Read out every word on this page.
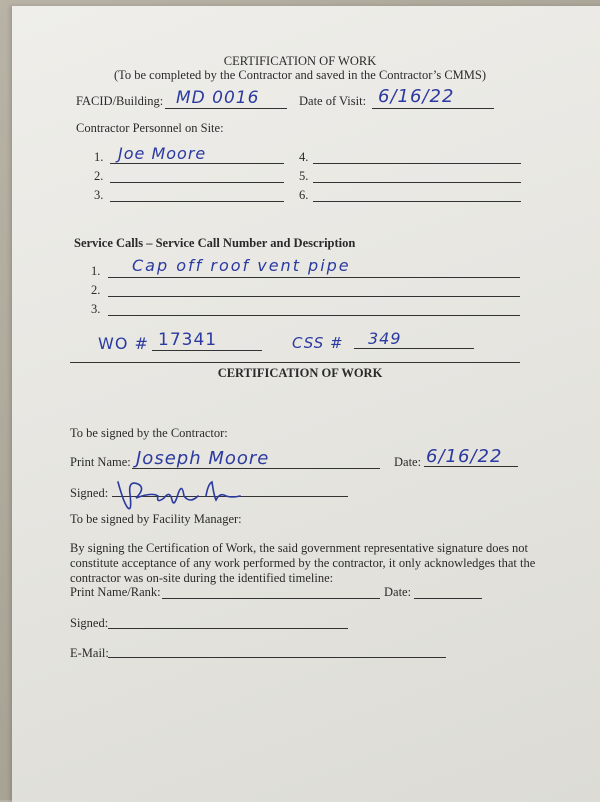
CERTIFICATION OF WORK
(To be completed by the Contractor and saved in the Contractor’s CMMS)
FACID/Building: MD 0016	Date of Visit: 6/16/22
Contractor Personnel on Site:
1. Joe Moore
2.
3.
4.
5.
6.
Service Calls – Service Call Number and Description
1. Cap off roof vent pipe
2.
3.
WO # 17341	CSS # 349
CERTIFICATION OF WORK
To be signed by the Contractor:
Print Name: Joseph Moore	Date: 6/16/22
Signed:
To be signed by Facility Manager:
By signing the Certification of Work, the said government representative signature does not constitute acceptance of any work performed by the contractor, it only acknowledges that the contractor was on-site during the identified timeline:
Print Name/Rank:	Date:
Signed:
E-Mail:
